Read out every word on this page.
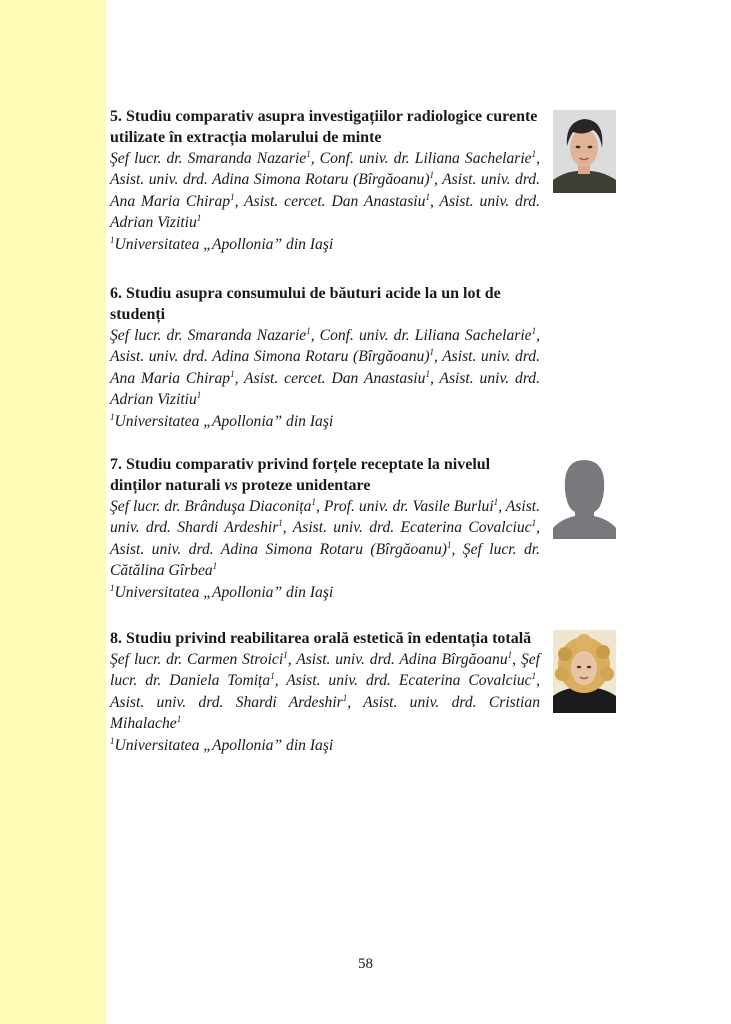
5. Studiu comparativ asupra investigațiilor radiologice curente utilizate în extracția molarului de minte

Şef lucr. dr. Smaranda Nazarie$^1$, Conf. univ. dr. Liliana Sachelarie$^1$, Asist. univ. drd. Adina Simona Rotaru (Bîrgăoanu)$^1$, Asist. univ. drd. Ana Maria Chirap$^1$, Asist. cercet. Dan Anastasiu$^1$, Asist. univ. drd. Adrian Vizitiu$^1$

$^1$Universitatea „Apollonia” din Iaşi

6. Studiu asupra consumului de băuturi acide la un lot de studenți

Şef lucr. dr. Smaranda Nazarie$^1$, Conf. univ. dr. Liliana Sachelarie$^1$, Asist. univ. drd. Adina Simona Rotaru (Bîrgăoanu)$^1$, Asist. univ. drd. Ana Maria Chirap$^1$, Asist. cercet. Dan Anastasiu$^1$, Asist. univ. drd. Adrian Vizitiu$^1$

$^1$Universitatea „Apollonia” din Iaşi

7. Studiu comparativ privind forțele receptate la nivelul dinților naturali vs proteze unidentare

Şef lucr. dr. Brânduşa Diaconița$^1$, Prof. univ. dr. Vasile Burlui$^1$, Asist. univ. drd. Shardi Ardeshir$^1$, Asist. univ. drd. Ecaterina Covalciuc$^1$, Asist. univ. drd. Adina Simona Rotaru (Bîrgăoanu)$^1$, Şef lucr. dr. Cătălina Gîrbea$^1$

$^1$Universitatea „Apollonia” din Iaşi

8. Studiu privind reabilitarea orală estetică în edentația totală

Şef lucr. dr. Carmen Stroici$^1$, Asist. univ. drd. Adina Bîrgăoanu$^1$, Şef lucr. dr. Daniela Tomița$^1$, Asist. univ. drd. Ecaterina Covalciuc$^1$, Asist. univ. drd. Shardi Ardeshir$^1$, Asist. univ. drd. Cristian Mihalache$^1$

$^1$Universitatea „Apollonia” din Iaşi

58
